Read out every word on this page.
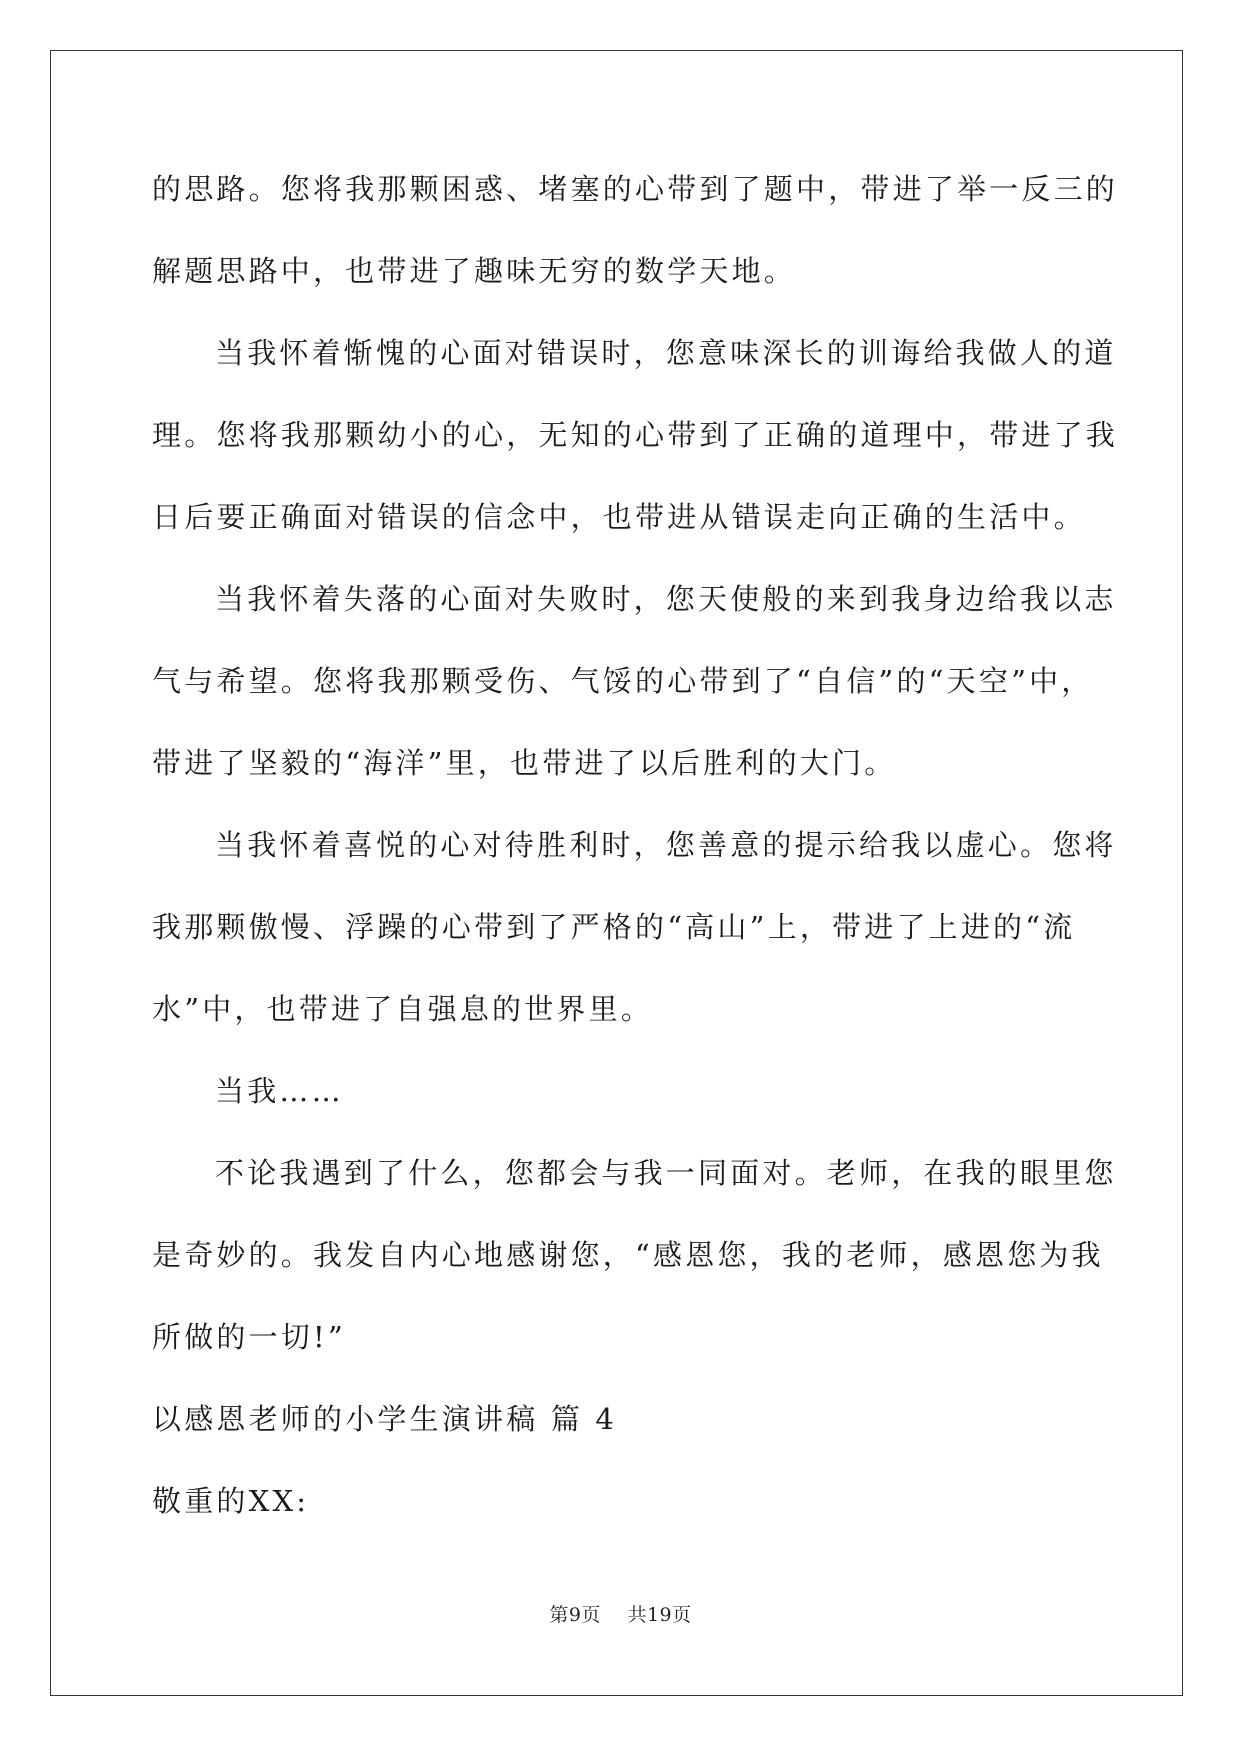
的思路。您将我那颗困惑、堵塞的心带到了题中，带进了举一反三的
解题思路中，也带进了趣味无穷的数学天地。
当我怀着惭愧的心面对错误时，您意味深长的训诲给我做人的道
理。您将我那颗幼小的心，无知的心带到了正确的道理中，带进了我
日后要正确面对错误的信念中，也带进从错误走向正确的生活中。
当我怀着失落的心面对失败时，您天使般的来到我身边给我以志
气与希望。您将我那颗受伤、气馁的心带到了“自信”的“天空”中，
带进了坚毅的“海洋”里，也带进了以后胜利的大门。
当我怀着喜悦的心对待胜利时，您善意的提示给我以虚心。您将
我那颗傲慢、浮躁的心带到了严格的“高山”上，带进了上进的“流
水”中，也带进了自强息的世界里。
当我……
不论我遇到了什么，您都会与我一同面对。老师，在我的眼里您
是奇妙的。我发自内心地感谢您，“感恩您，我的老师，感恩您为我
所做的一切!”
以感恩老师的小学生演讲稿 篇 4
敬重的XX:
第9页 共19页
